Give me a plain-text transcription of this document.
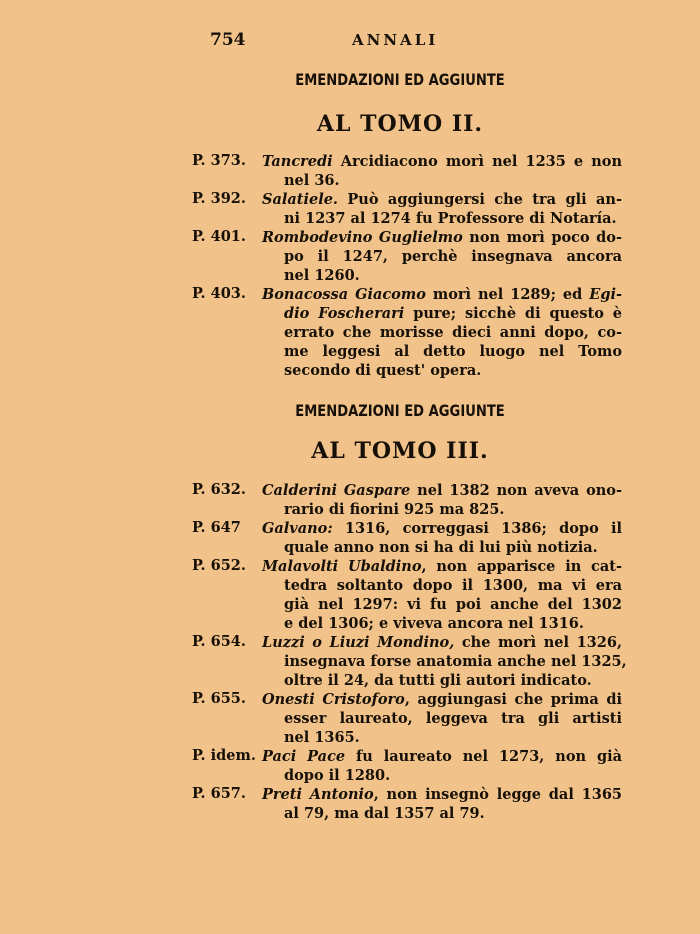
754	ANNALI
EMENDAZIONI ED AGGIUNTE
AL TOMO II.
P. 373.	Tancredi Arcidiacono morì nel 1235 e non
nel 36.
P. 392.	Salatiele. Può aggiungersi che tra gli an-
ni 1237 al 1274 fu Professore di Notaría.
P. 401.	Rombodevino Guglielmo non morì poco do-
po il 1247, perchè insegnava ancora
nel 1260.
P. 403.	Bonacossa Giacomo morì nel 1289; ed Egi-
dio Foscherari pure; sicchè di questo è
errato che morisse dieci anni dopo, co-
me leggesi al detto luogo nel Tomo
secondo di quest' opera.
EMENDAZIONI ED AGGIUNTE
AL TOMO III.
P. 632.	Calderini Gaspare nel 1382 non aveva ono-
rario di fiorini 925 ma 825.
P. 647	Galvano: 1316, correggasi 1386; dopo il
quale anno non si ha di lui più notizia.
P. 652.	Malavolti Ubaldino, non apparisce in cat-
tedra soltanto dopo il 1300, ma vi era
già nel 1297: vi fu poi anche del 1302
e del 1306; e viveva ancora nel 1316.
P. 654.	Luzzi o Liuzi Mondino, che morì nel 1326,
insegnava forse anatomia anche nel 1325,
oltre il 24, da tutti gli autori indicato.
P. 655.	Onesti Cristoforo, aggiungasi che prima di
esser laureato, leggeva tra gli artisti
nel 1365.
P. idem. Paci Pace fu laureato nel 1273, non già
dopo il 1280.
P. 657.	Preti Antonio, non insegnò legge dal 1365
al 79, ma dal 1357 al 79.
